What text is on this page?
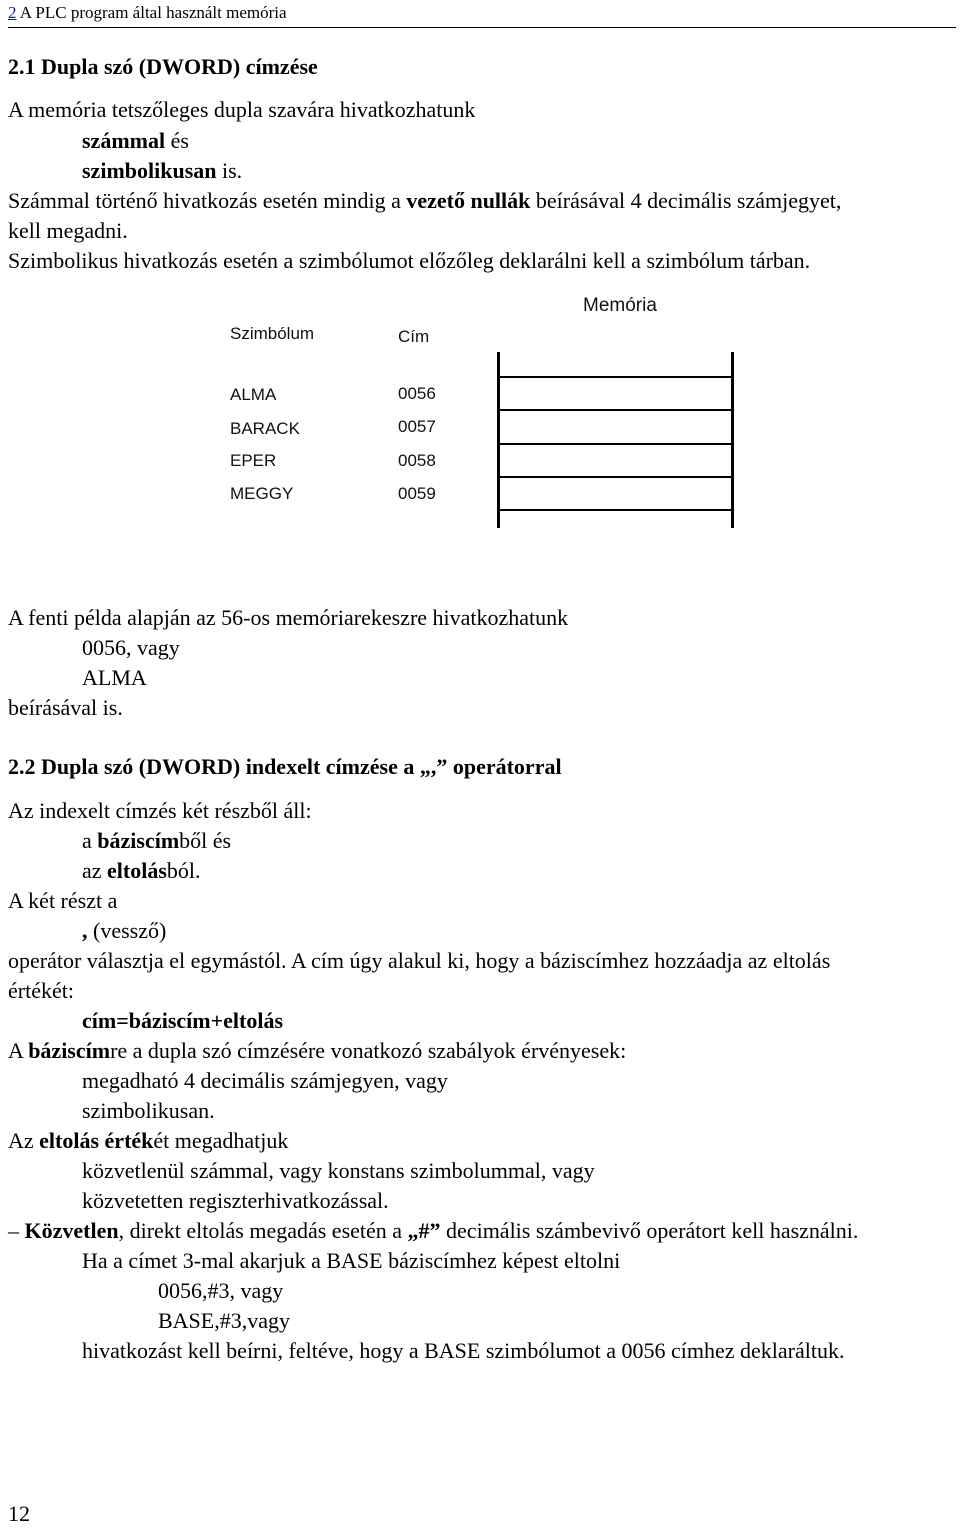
2 A PLC program által használt memória
2.1 Dupla szó (DWORD) címzése
A memória tetszőleges dupla szavára hivatkozhatunk
számmal és
szimbolikusan is.
Számmal történő hivatkozás esetén mindig a vezető nullák beírásával 4 decimális számjegyet,
kell megadni.
Szimbolikus hivatkozás esetén a szimbólumot előzőleg deklarálni kell a szimbólum tárban.
Szimbólum	Cím
Memória
ALMA	0056
BARACK	0057
EPER	0058
MEGGY	0059
A fenti példa alapján az 56-os memóriarekeszre hivatkozhatunk
0056, vagy
ALMA
beírásával is.
2.2 Dupla szó (DWORD) indexelt címzése a „,” operátorral
Az indexelt címzés két részből áll:
a báziscímből és
az eltolásból.
A két részt a
, (vessző)
operátor választja el egymástól. A cím úgy alakul ki, hogy a báziscímhez hozzáadja az eltolás
értékét:
cím=báziscím+eltolás
A báziscímre a dupla szó címzésére vonatkozó szabályok érvényesek:
megadható 4 decimális számjegyen, vagy
szimbolikusan.
Az eltolás értékét megadhatjuk
közvetlenül számmal, vagy konstans szimbolummal, vagy
közvetetten regiszterhivatkozással.
– Közvetlen, direkt eltolás megadás esetén a „#” decimális számbevivő operátort kell használni.
Ha a címet 3-mal akarjuk a BASE báziscímhez képest eltolni
0056,#3, vagy
BASE,#3,vagy
hivatkozást kell beírni, feltéve, hogy a BASE szimbólumot a 0056 címhez deklaráltuk.
12
